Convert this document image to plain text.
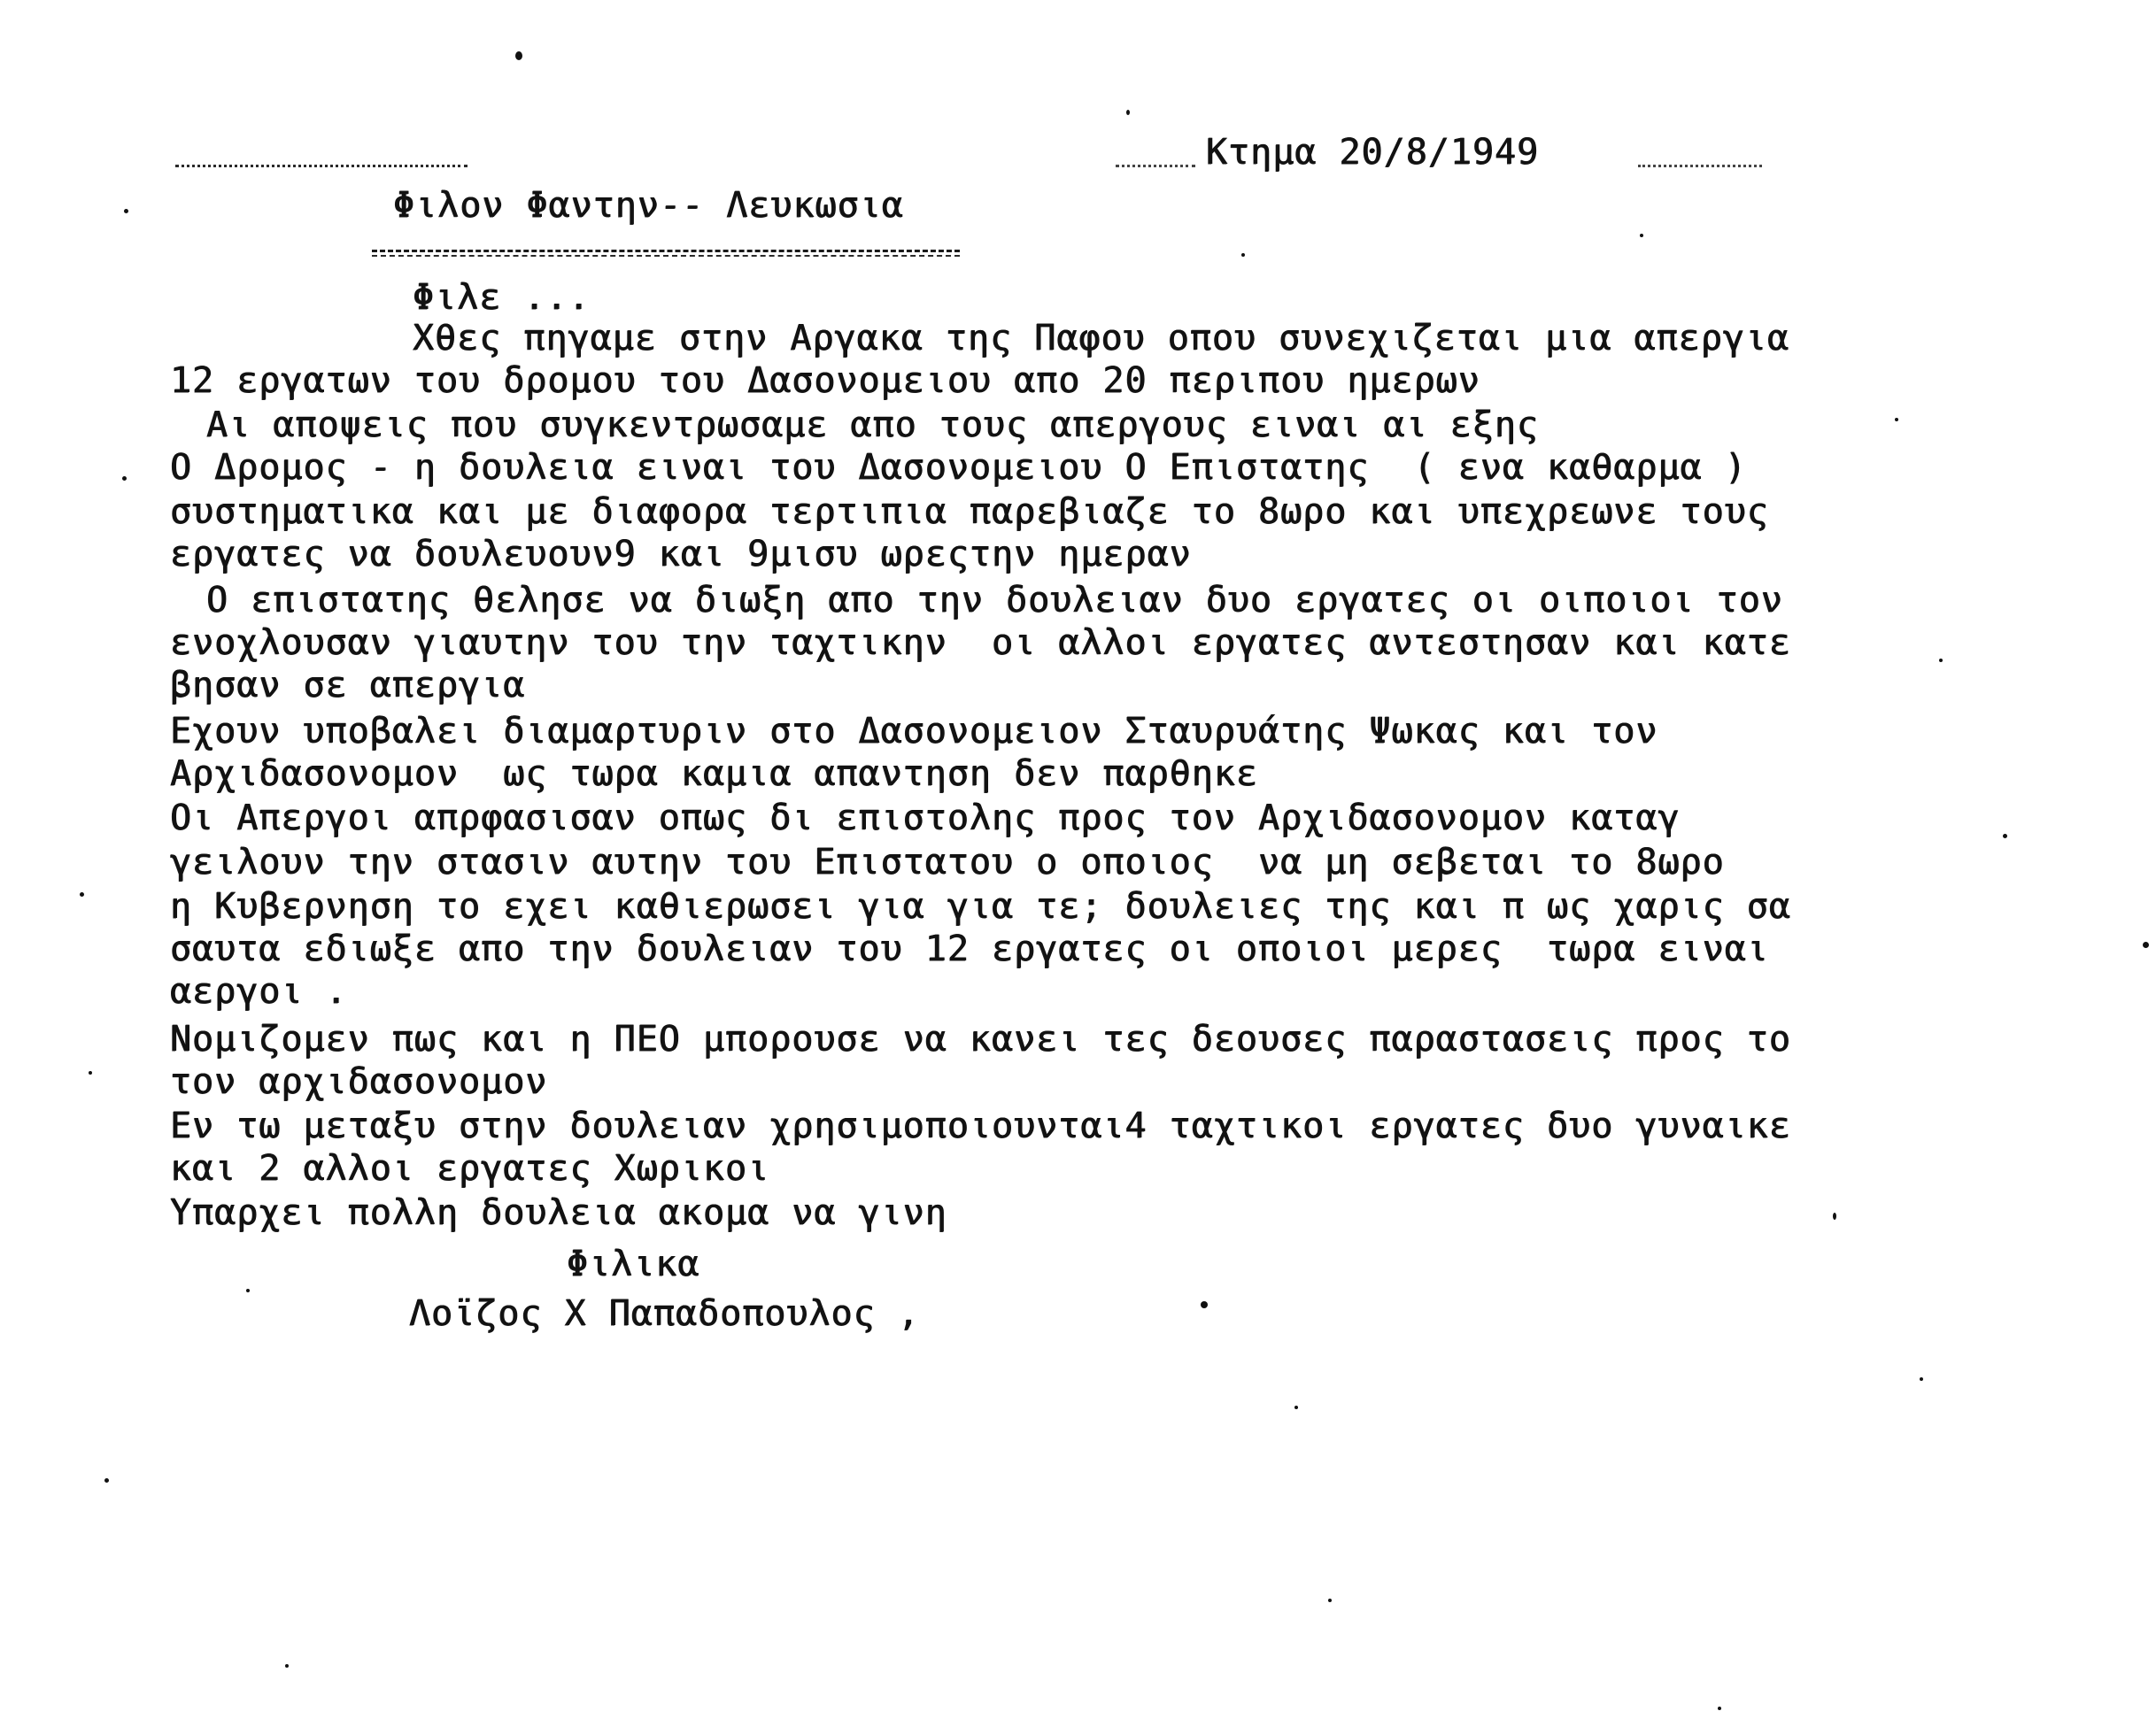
Κτημα 20/8/1949
Φιλον Φαντην-- Λευκωσια
Φιλε ...
Χθες πηγαμε στην Αργακα της Παφου οπου συνεχιζεται μια απεργια
12 εργατων του δρομου του Δασονομειου απο 20 περιπου ημερων
Αι αποψεις που συγκεντρωσαμε απο τους απεργους ειναι αι εξης
Ο Δρομος - η δουλεια ειναι του Δασονομειου Ο Επιστατης  ( ενα καθαρμα )
συστηματικα και με διαφορα τερτιπια παρεβιαζε το 8ωρο και υπεχρεωνε τους
εργατες να δουλευουν9 και 9μισυ ωρεςτην ημεραν
Ο επιστατης θελησε να διωξη απο την δουλειαν δυο εργατες οι οιποιοι τον
ενοχλουσαν γιαυτην του την ταχτικην  οι αλλοι εργατες αντεστησαν και κατε
βησαν σε απεργια
Εχουν υποβαλει διαμαρτυριν στο Δασονομειον Σταυρυάτης Ψωκας και τον
Αρχιδασονομον  ως τωρα καμια απαντηση δεν παρθηκε
Οι Απεργοι απρφασισαν οπως δι επιστολης προς τον Αρχιδασονομον καταγ
γειλουν την στασιν αυτην του Επιστατου ο οποιος  να μη σεβεται το 8ωρο
η Κυβερνηση το εχει καθιερωσει για για τε; δουλειες της και π ως χαρις σα
σαυτα εδιωξε απο την δουλειαν του 12 εργατες οι οποιοι μερες  τωρα ειναι
αεργοι .
Νομιζομεν πως και η ΠΕΟ μπορουσε να κανει τες δεουσες παραστασεις προς το
τον αρχιδασονομον
Εν τω μεταξυ στην δουλειαν χρησιμοποιουνται4 ταχτικοι εργατες δυο γυναικε
και 2 αλλοι εργατες Χωρικοι
Υπαρχει πολλη δουλεια ακομα να γινη
Φιλικα
Λοϊζος Χ Παπαδοπουλος ,
